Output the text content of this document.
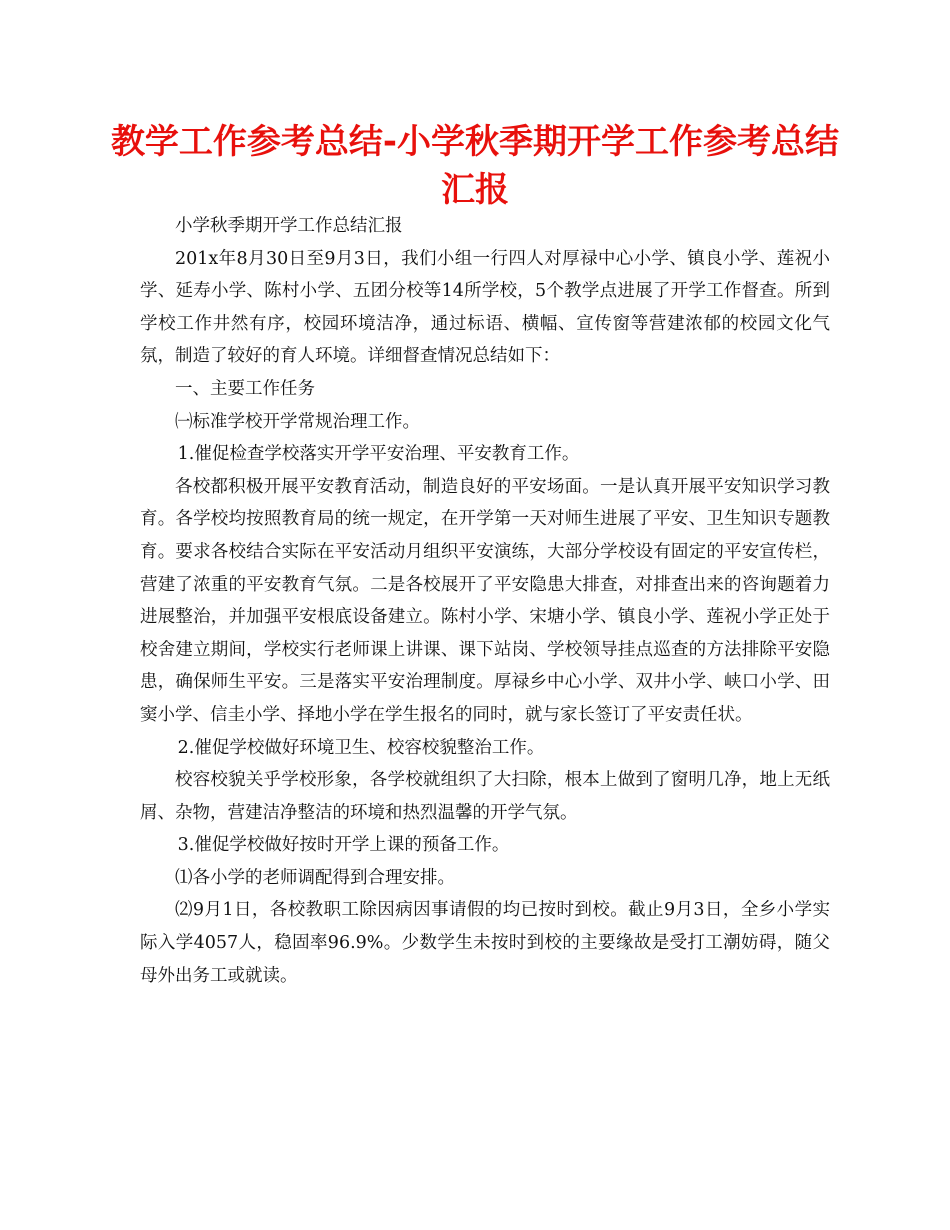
教学工作参考总结-小学秋季期开学工作参考总结汇报

小学秋季期开学工作总结汇报

201x年8月30日至9月3日，我们小组一行四人对厚禄中心小学、镇良小学、莲祝小学、延寿小学、陈村小学、五团分校等14所学校，5个教学点进展了开学工作督查。所到学校工作井然有序，校园环境洁净，通过标语、横幅、宣传窗等营建浓郁的校园文化气氛，制造了较好的育人环境。详细督查情况总结如下：

一、主要工作任务

㈠标准学校开学常规治理工作。

1.催促检查学校落实开学平安治理、平安教育工作。

各校都积极开展平安教育活动，制造良好的平安场面。一是认真开展平安知识学习教育。各学校均按照教育局的统一规定，在开学第一天对师生进展了平安、卫生知识专题教育。要求各校结合实际在平安活动月组织平安演练，大部分学校设有固定的平安宣传栏，营建了浓重的平安教育气氛。二是各校展开了平安隐患大排查，对排查出来的咨询题着力进展整治，并加强平安根底设备建立。陈村小学、宋塘小学、镇良小学、莲祝小学正处于校舍建立期间，学校实行老师课上讲课、课下站岗、学校领导挂点巡查的方法排除平安隐患，确保师生平安。三是落实平安治理制度。厚禄乡中心小学、双井小学、峡口小学、田窦小学、信圭小学、择地小学在学生报名的同时，就与家长签订了平安责任状。

2.催促学校做好环境卫生、校容校貌整治工作。

校容校貌关乎学校形象，各学校就组织了大扫除，根本上做到了窗明几净，地上无纸屑、杂物，营建洁净整洁的环境和热烈温馨的开学气氛。

3.催促学校做好按时开学上课的预备工作。

⑴各小学的老师调配得到合理安排。

⑵9月1日，各校教职工除因病因事请假的均已按时到校。截止9月3日，全乡小学实际入学4057人，稳固率96.9%。少数学生未按时到校的主要缘故是受打工潮妨碍，随父母外出务工或就读。
